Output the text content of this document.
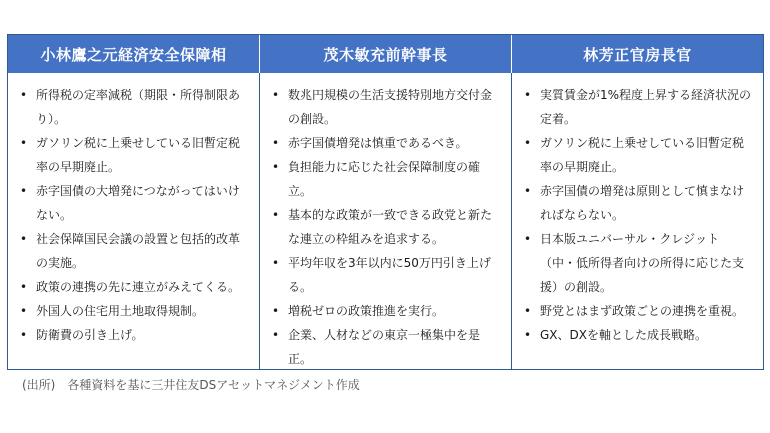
小林鷹之元経済安全保障相	茂木敏充前幹事長	林芳正官房長官
• 所得税の定率減税（期限・所得制限あり）。
• ガソリン税に上乗せしている旧暫定税率の早期廃止。
• 赤字国債の大増発につながってはいけない。
• 社会保障国民会議の設置と包括的改革の実施。
• 政策の連携の先に連立がみえてくる。
• 外国人の住宅用土地取得規制。
• 防衛費の引き上げ。
• 数兆円規模の生活支援特別地方交付金の創設。
• 赤字国債増発は慎重であるべき。
• 負担能力に応じた社会保障制度の確立。
• 基本的な政策が一致できる政党と新たな連立の枠組みを追求する。
• 平均年収を3年以内に50万円引き上げる。
• 増税ゼロの政策推進を実行。
• 企業、人材などの東京一極集中を是正。
• 実質賃金が1%程度上昇する経済状況の定着。
• ガソリン税に上乗せしている旧暫定税率の早期廃止。
• 赤字国債の増発は原則として慎まなければならない。
• 日本版ユニバーサル・クレジット（中・低所得者向けの所得に応じた支援）の創設。
• 野党とはまず政策ごとの連携を重視。
• GX、DXを軸とした成長戦略。
(出所)　各種資料を基に三井住友DSアセットマネジメント作成
